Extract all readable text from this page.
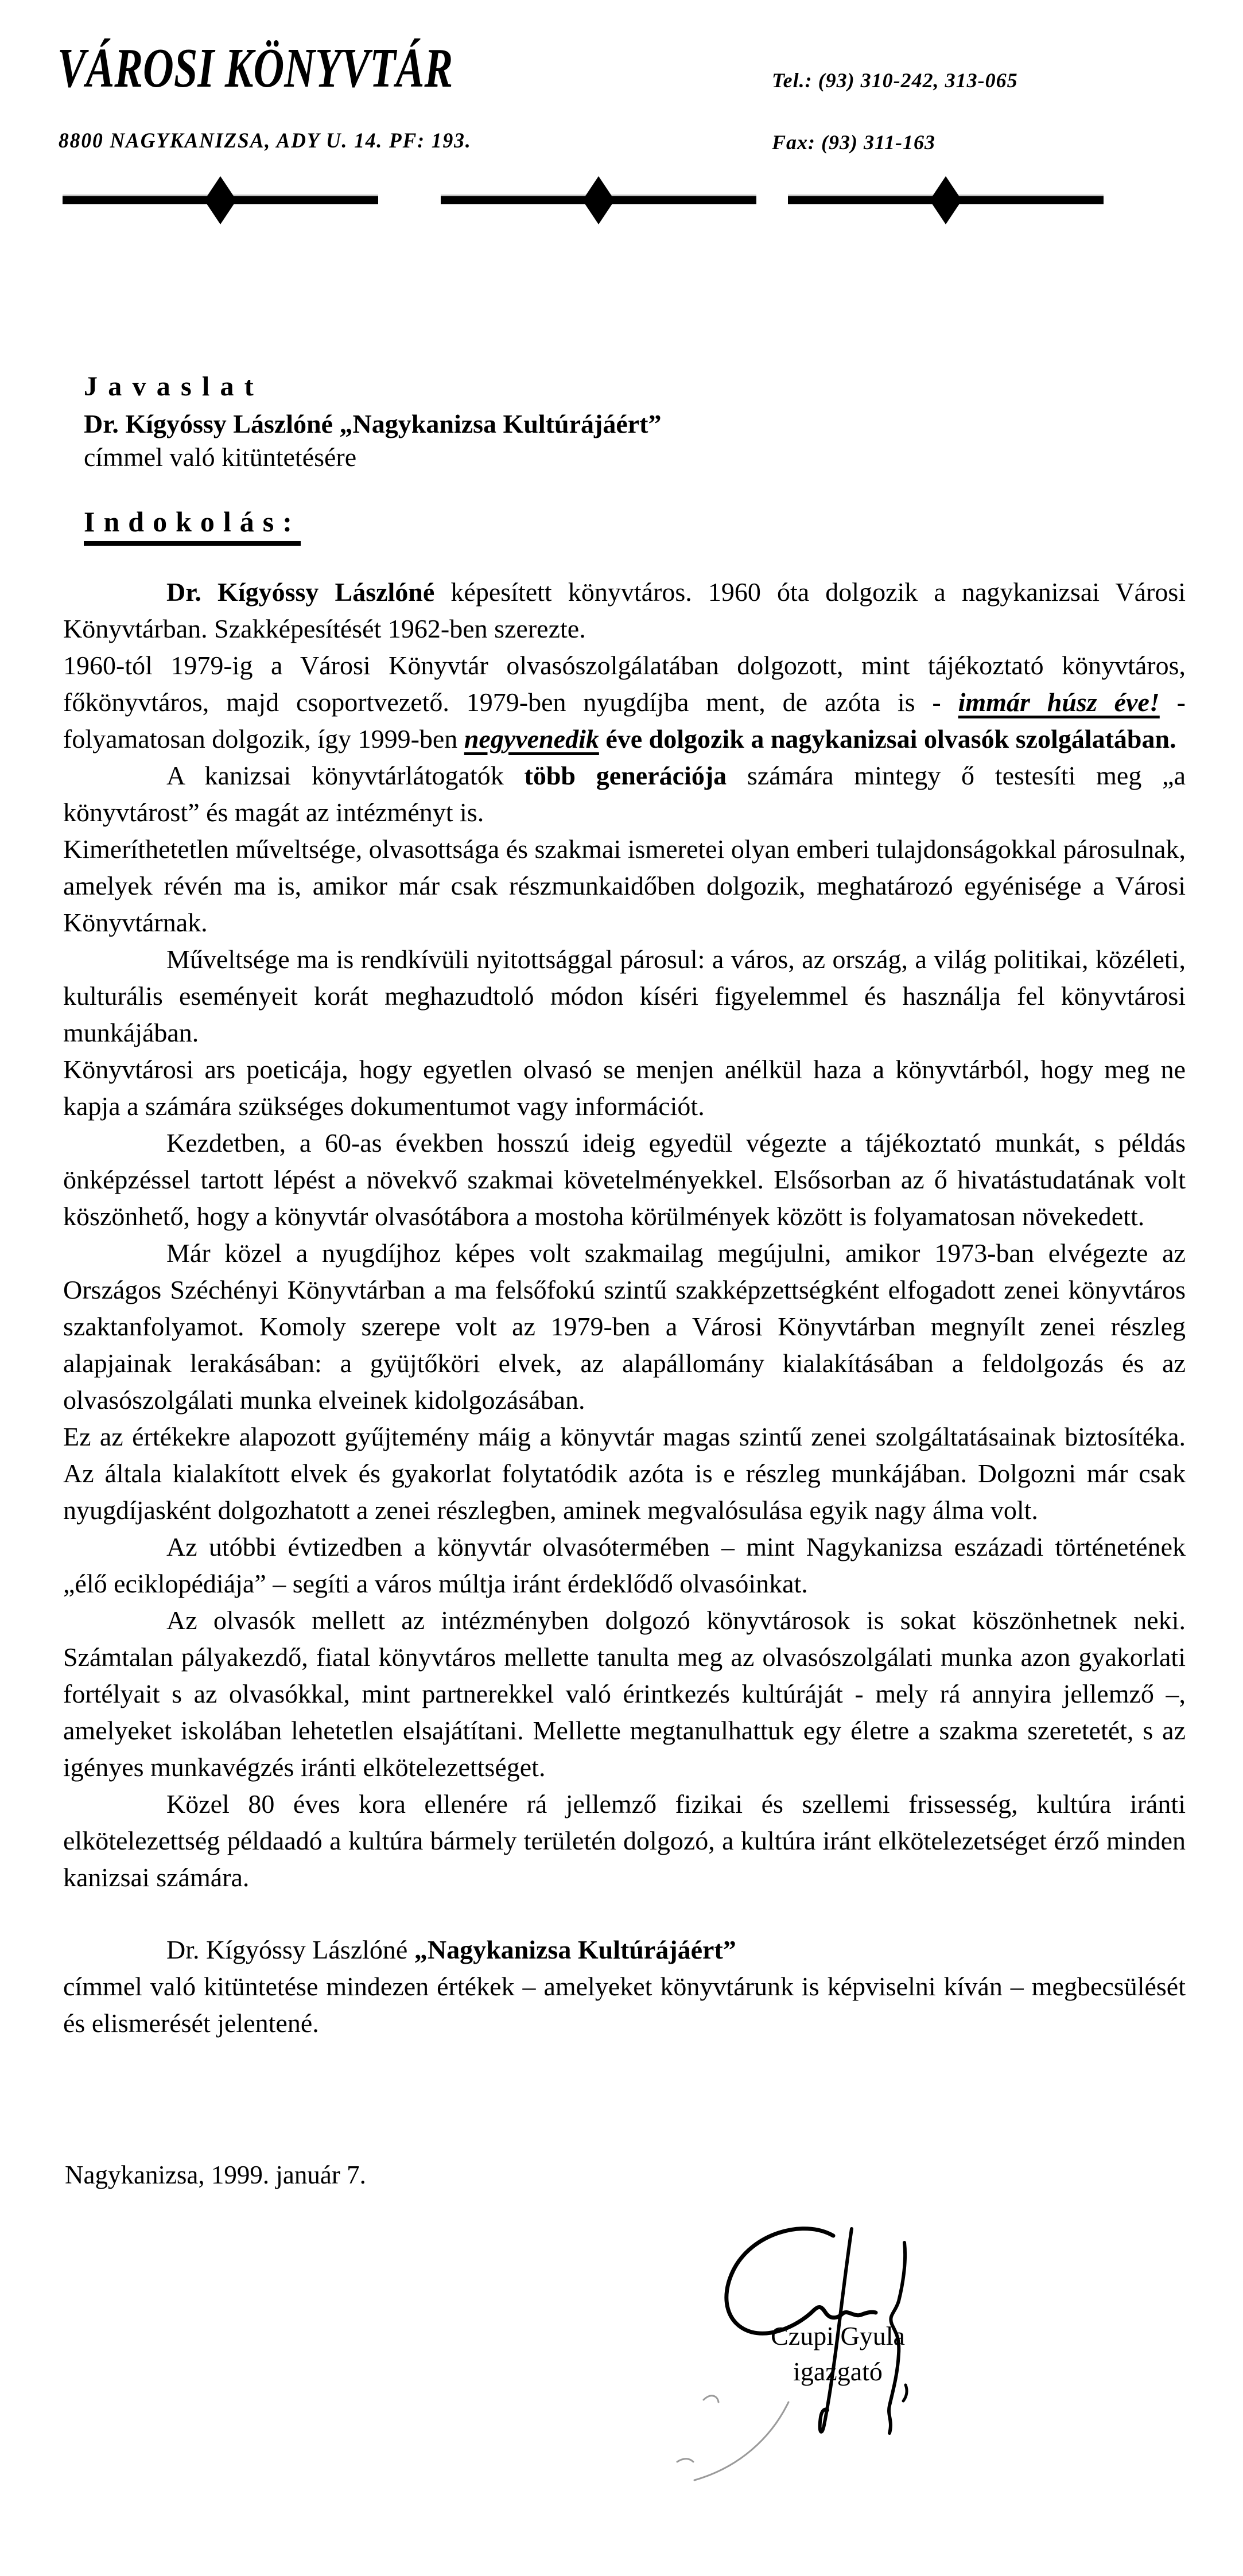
VÁROSI KÖNYVTÁR	Tel.: (93) 310-242, 313-065
8800 NAGYKANIZSA, ADY U. 14. PF: 193.	Fax: (93) 311-163
Javaslat
Dr. Kígyóssy Lászlóné „Nagykanizsa Kultúrájáért”
címmel való kitüntetésére
Indokolás:

Dr. Kígyóssy Lászlóné képesített könyvtáros. 1960 óta dolgozik a nagykanizsai Városi Könyvtárban. Szakképesítését 1962-ben szerezte.

1960-tól 1979-ig a Városi Könyvtár olvasószolgálatában dolgozott, mint tájékoztató könyvtáros, főkönyvtáros, majd csoportvezető. 1979-ben nyugdíjba ment, de azóta is - immár húsz éve! - folyamatosan dolgozik, így 1999-ben negyvenedik éve dolgozik a nagykanizsai olvasók szolgálatában.

A kanizsai könyvtárlátogatók több generációja számára mintegy ő testesíti meg „a könyvtárost” és magát az intézményt is.

Kimeríthetetlen műveltsége, olvasottsága és szakmai ismeretei olyan emberi tulajdonságokkal párosulnak, amelyek révén ma is, amikor már csak részmunkaidőben dolgozik, meghatározó egyénisége a Városi Könyvtárnak.

Műveltsége ma is rendkívüli nyitottsággal párosul: a város, az ország, a világ politikai, közéleti, kulturális eseményeit korát meghazudtoló módon kíséri figyelemmel és használja fel könyvtárosi munkájában.

Könyvtárosi ars poeticája, hogy egyetlen olvasó se menjen anélkül haza a könyvtárból, hogy meg ne kapja a számára szükséges dokumentumot vagy információt.

Kezdetben, a 60-as években hosszú ideig egyedül végezte a tájékoztató munkát, s példás önképzéssel tartott lépést a növekvő szakmai követelményekkel. Elsősorban az ő hivatástudatának volt köszönhető, hogy a könyvtár olvasótábora a mostoha körülmények között is folyamatosan növekedett.

Már közel a nyugdíjhoz képes volt szakmailag megújulni, amikor 1973-ban elvégezte az Országos Széchényi Könyvtárban a ma felsőfokú szintű szakképzettségként elfogadott zenei könyvtáros szaktanfolyamot. Komoly szerepe volt az 1979-ben a Városi Könyvtárban megnyílt zenei részleg alapjainak lerakásában: a gyüjtőköri elvek, az alapállomány kialakításában a feldolgozás és az olvasószolgálati munka elveinek kidolgozásában.

Ez az értékekre alapozott gyűjtemény máig a könyvtár magas szintű zenei szolgáltatásainak biztosítéka. Az általa kialakított elvek és gyakorlat folytatódik azóta is e részleg munkájában. Dolgozni már csak nyugdíjasként dolgozhatott a zenei részlegben, aminek megvalósulása egyik nagy álma volt.

Az utóbbi évtizedben a könyvtár olvasótermében – mint Nagykanizsa eszázadi történetének „élő eciklopédiája” – segíti a város múltja iránt érdeklődő olvasóinkat.

Az olvasók mellett az intézményben dolgozó könyvtárosok is sokat köszönhetnek neki. Számtalan pályakezdő, fiatal könyvtáros mellette tanulta meg az olvasószolgálati munka azon gyakorlati fortélyait s az olvasókkal, mint partnerekkel való érintkezés kultúráját - mely rá annyira jellemző –, amelyeket iskolában lehetetlen elsajátítani. Mellette megtanulhattuk egy életre a szakma szeretetét, s az igényes munkavégzés iránti elkötelezettséget.

Közel 80 éves kora ellenére rá jellemző fizikai és szellemi frissesség, kultúra iránti elkötelezettség példaadó a kultúra bármely területén dolgozó, a kultúra iránt elkötelezetséget érző minden kanizsai számára.

Dr. Kígyóssy Lászlóné „Nagykanizsa Kultúrájáért”
címmel való kitüntetése mindezen értékek – amelyeket könyvtárunk is képviselni kíván – megbecsülését és elismerését jelentené.

Nagykanizsa, 1999. január 7.
Czupi Gyula
igazgató
